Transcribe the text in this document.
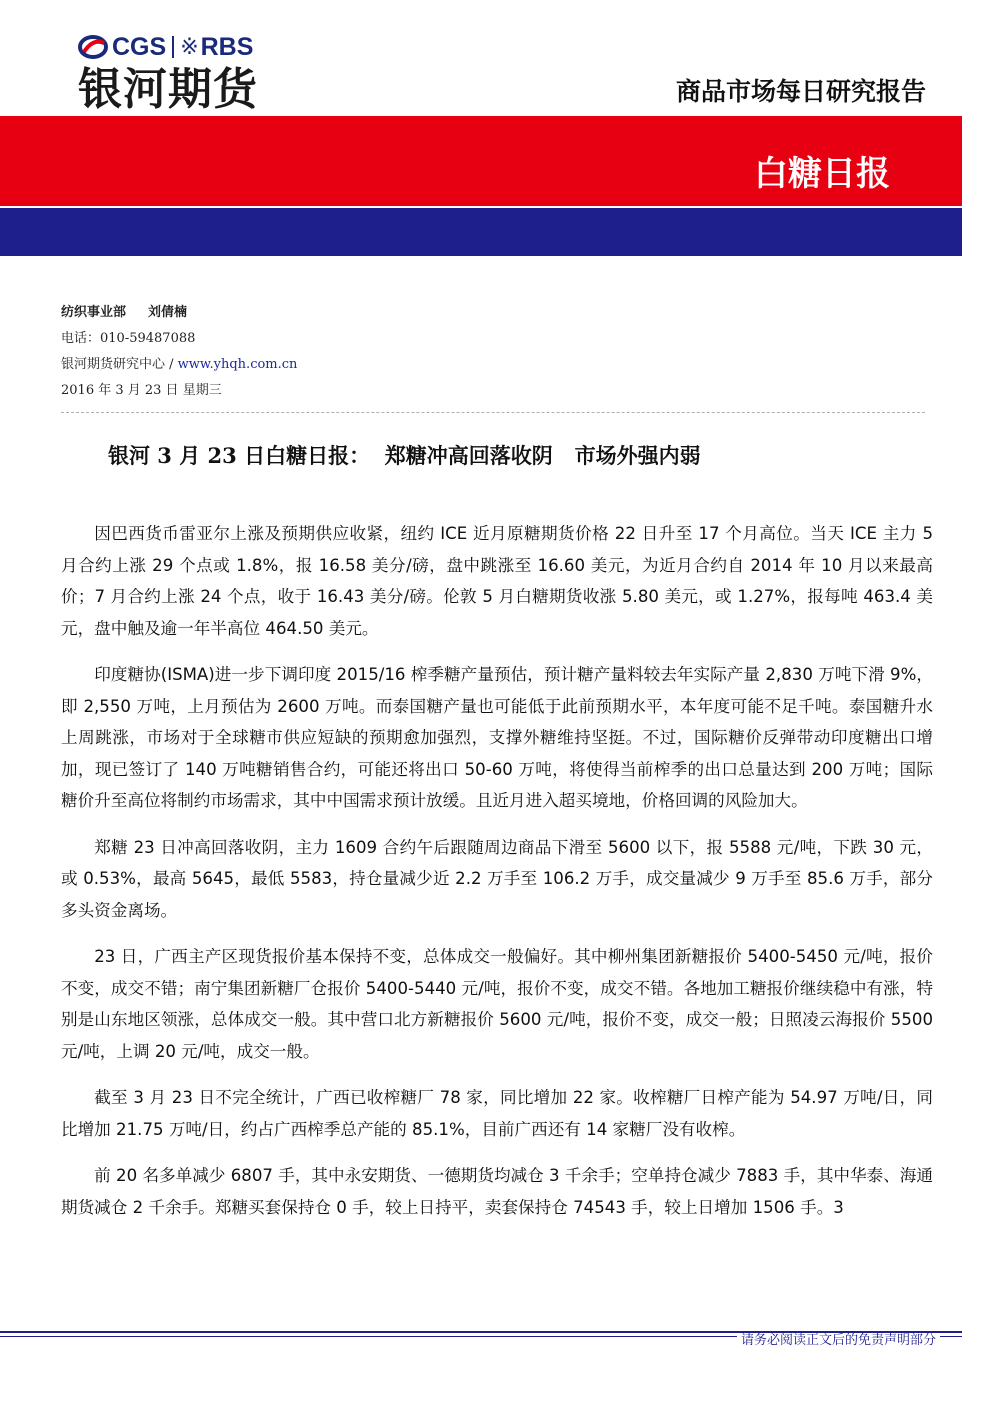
CGS ※ RBS
银河期货	商品市场每日研究报告
白糖日报
纺织事业部 刘倩楠
电话：010-59487088
银河期货研究中心 / www.yhqh.com.cn
2016 年 3 月 23 日 星期三
银河 3 月 23 日白糖日报：  郑糖冲高回落收阴   市场外强内弱

因巴西货币雷亚尔上涨及预期供应收紧，纽约 ICE 近月原糖期货价格 22 日升至 17 个月高位。当天 ICE 主力 5 月合约上涨 29 个点或 1.8%，报 16.58 美分/磅，盘中跳涨至 16.60 美元，为近月合约自 2014 年 10 月以来最高价；7 月合约上涨 24 个点，收于 16.43 美分/磅。伦敦 5 月白糖期货收涨 5.80 美元，或 1.27%，报每吨 463.4 美元，盘中触及逾一年半高位 464.50 美元。

印度糖协(ISMA)进一步下调印度 2015/16 榨季糖产量预估，预计糖产量料较去年实际产量 2,830 万吨下滑 9%，即 2,550 万吨，上月预估为 2600 万吨。而泰国糖产量也可能低于此前预期水平，本年度可能不足千吨。泰国糖升水上周跳涨，市场对于全球糖市供应短缺的预期愈加强烈，支撑外糖维持坚挺。不过，国际糖价反弹带动印度糖出口增加，现已签订了 140 万吨糖销售合约，可能还将出口 50-60 万吨，将使得当前榨季的出口总量达到 200 万吨；国际糖价升至高位将制约市场需求，其中中国需求预计放缓。且近月进入超买境地，价格回调的风险加大。

郑糖 23 日冲高回落收阴，主力 1609 合约午后跟随周边商品下滑至 5600 以下，报 5588 元/吨，下跌 30 元，或 0.53%，最高 5645，最低 5583，持仓量减少近 2.2 万手至 106.2 万手，成交量减少 9 万手至 85.6 万手，部分多头资金离场。

23 日，广西主产区现货报价基本保持不变，总体成交一般偏好。其中柳州集团新糖报价 5400-5450 元/吨，报价不变，成交不错；南宁集团新糖厂仓报价 5400-5440 元/吨，报价不变，成交不错。各地加工糖报价继续稳中有涨，特别是山东地区领涨，总体成交一般。其中营口北方新糖报价 5600 元/吨，报价不变，成交一般；日照凌云海报价 5500 元/吨，上调 20 元/吨，成交一般。

截至 3 月 23 日不完全统计，广西已收榨糖厂 78 家，同比增加 22 家。收榨糖厂日榨产能为 54.97 万吨/日，同比增加 21.75 万吨/日，约占广西榨季总产能的 85.1%，目前广西还有 14 家糖厂没有收榨。

前 20 名多单减少 6807 手，其中永安期货、一德期货均减仓 3 千余手；空单持仓减少 7883 手，其中华泰、海通期货减仓 2 千余手。郑糖买套保持仓 0 手，较上日持平，卖套保持仓 74543 手，较上日增加 1506 手。3

请务必阅读正文后的免责声明部分
